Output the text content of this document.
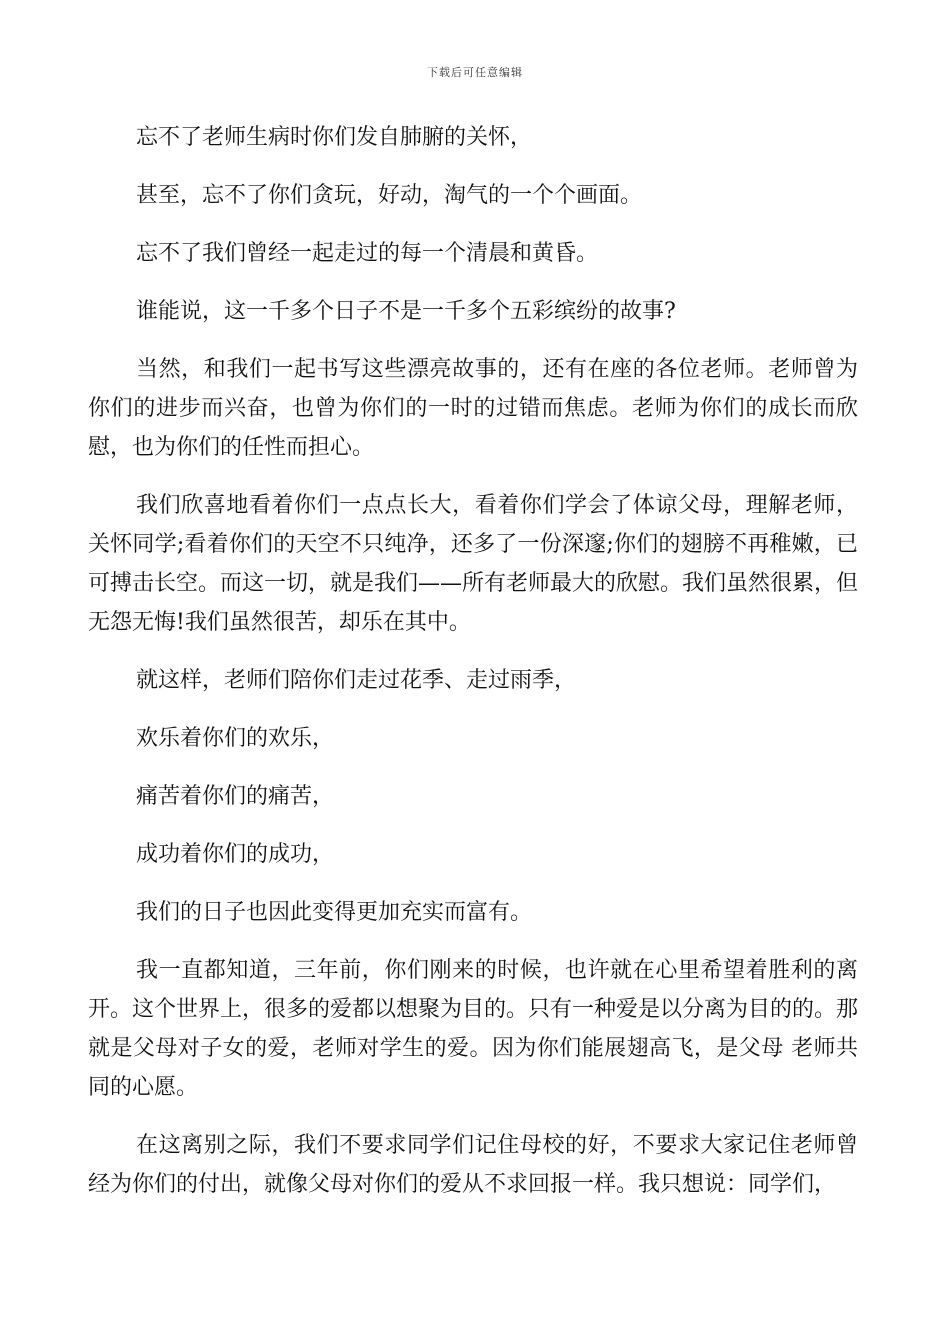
下载后可任意编辑

忘不了老师生病时你们发自肺腑的关怀，

甚至，忘不了你们贪玩，好动，淘气的一个个画面。

忘不了我们曾经一起走过的每一个清晨和黄昏。

谁能说，这一千多个日子不是一千多个五彩缤纷的故事?

当然，和我们一起书写这些漂亮故事的，还有在座的各位老师。老师曾为你们的进步而兴奋，也曾为你们的一时的过错而焦虑。老师为你们的成长而欣慰，也为你们的任性而担心。

我们欣喜地看着你们一点点长大，看着你们学会了体谅父母，理解老师，关怀同学;看着你们的天空不只纯净，还多了一份深邃;你们的翅膀不再稚嫩，已可搏击长空。而这一切，就是我们——所有老师最大的欣慰。我们虽然很累，但无怨无悔!我们虽然很苦，却乐在其中。

就这样，老师们陪你们走过花季、走过雨季，

欢乐着你们的欢乐，

痛苦着你们的痛苦，

成功着你们的成功，

我们的日子也因此变得更加充实而富有。

我一直都知道，三年前，你们刚来的时候，也许就在心里希望着胜利的离开。这个世界上，很多的爱都以想聚为目的。只有一种爱是以分离为目的的。那就是父母对子女的爱，老师对学生的爱。因为你们能展翅高飞，是父母 老师共同的心愿。

在这离别之际，我们不要求同学们记住母校的好，不要求大家记住老师曾经为你们的付出，就像父母对你们的爱从不求回报一样。我只想说：同学们，
